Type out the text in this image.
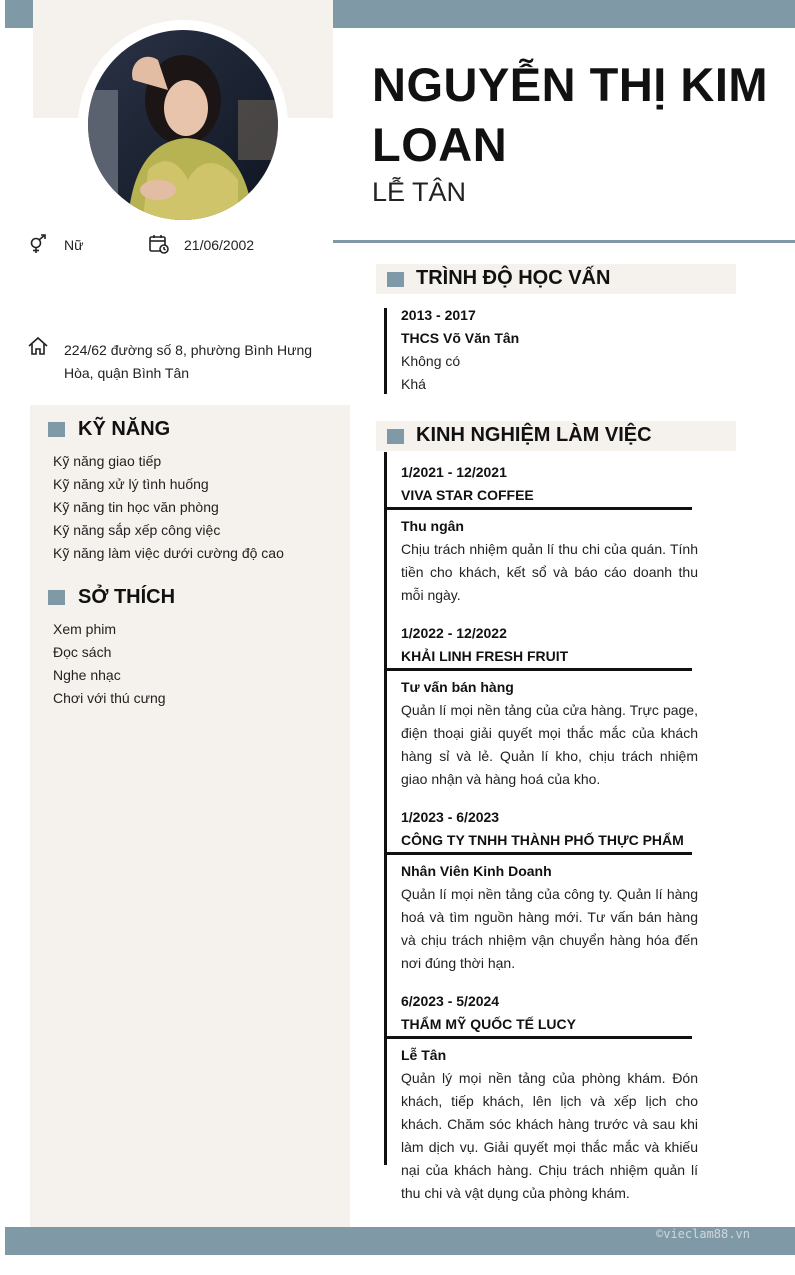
NGUYỄN THỊ KIM LOAN
LỄ TÂN
Nữ	21/06/2002
224/62 đường số 8, phường Bình Hưng Hòa, quận Bình Tân
KỸ NĂNG
Kỹ năng giao tiếp
Kỹ năng xử lý tình huống
Kỹ năng tin học văn phòng
Kỹ năng sắp xếp công việc
Kỹ năng làm việc dưới cường độ cao
SỞ THÍCH
Xem phim
Đọc sách
Nghe nhạc
Chơi với thú cưng
TRÌNH ĐỘ HỌC VẤN
2013 - 2017
THCS Võ Văn Tân
Không có
Khá
KINH NGHIỆM LÀM VIỆC
1/2021 - 12/2021
VIVA STAR COFFEE
Thu ngân
Chịu trách nhiệm quản lí thu chi của quán. Tính tiền cho khách, kết sổ và báo cáo doanh thu mỗi ngày.
1/2022 - 12/2022
KHẢI LINH FRESH FRUIT
Tư vấn bán hàng
Quản lí mọi nền tảng của cửa hàng. Trực page, điện thoại giải quyết mọi thắc mắc của khách hàng sỉ và lẻ. Quản lí kho, chịu trách nhiệm giao nhận và hàng hoá của kho.
1/2023 - 6/2023
CÔNG TY TNHH THÀNH PHỐ THỰC PHẨM
Nhân Viên Kinh Doanh
Quản lí mọi nền tảng của công ty. Quản lí hàng hoá và tìm nguồn hàng mới. Tư vấn bán hàng và chịu trách nhiệm vận chuyển hàng hóa đến nơi đúng thời hạn.
6/2023 - 5/2024
THẨM MỸ QUỐC TẾ LUCY
Lễ Tân
Quản lý mọi nền tảng của phòng khám. Đón khách, tiếp khách, lên lịch và xếp lịch cho khách. Chăm sóc khách hàng trước và sau khi làm dịch vụ. Giải quyết mọi thắc mắc và khiếu nại của khách hàng. Chịu trách nhiệm quản lí thu chi và vật dụng của phòng khám.
©vieclam88.vn
